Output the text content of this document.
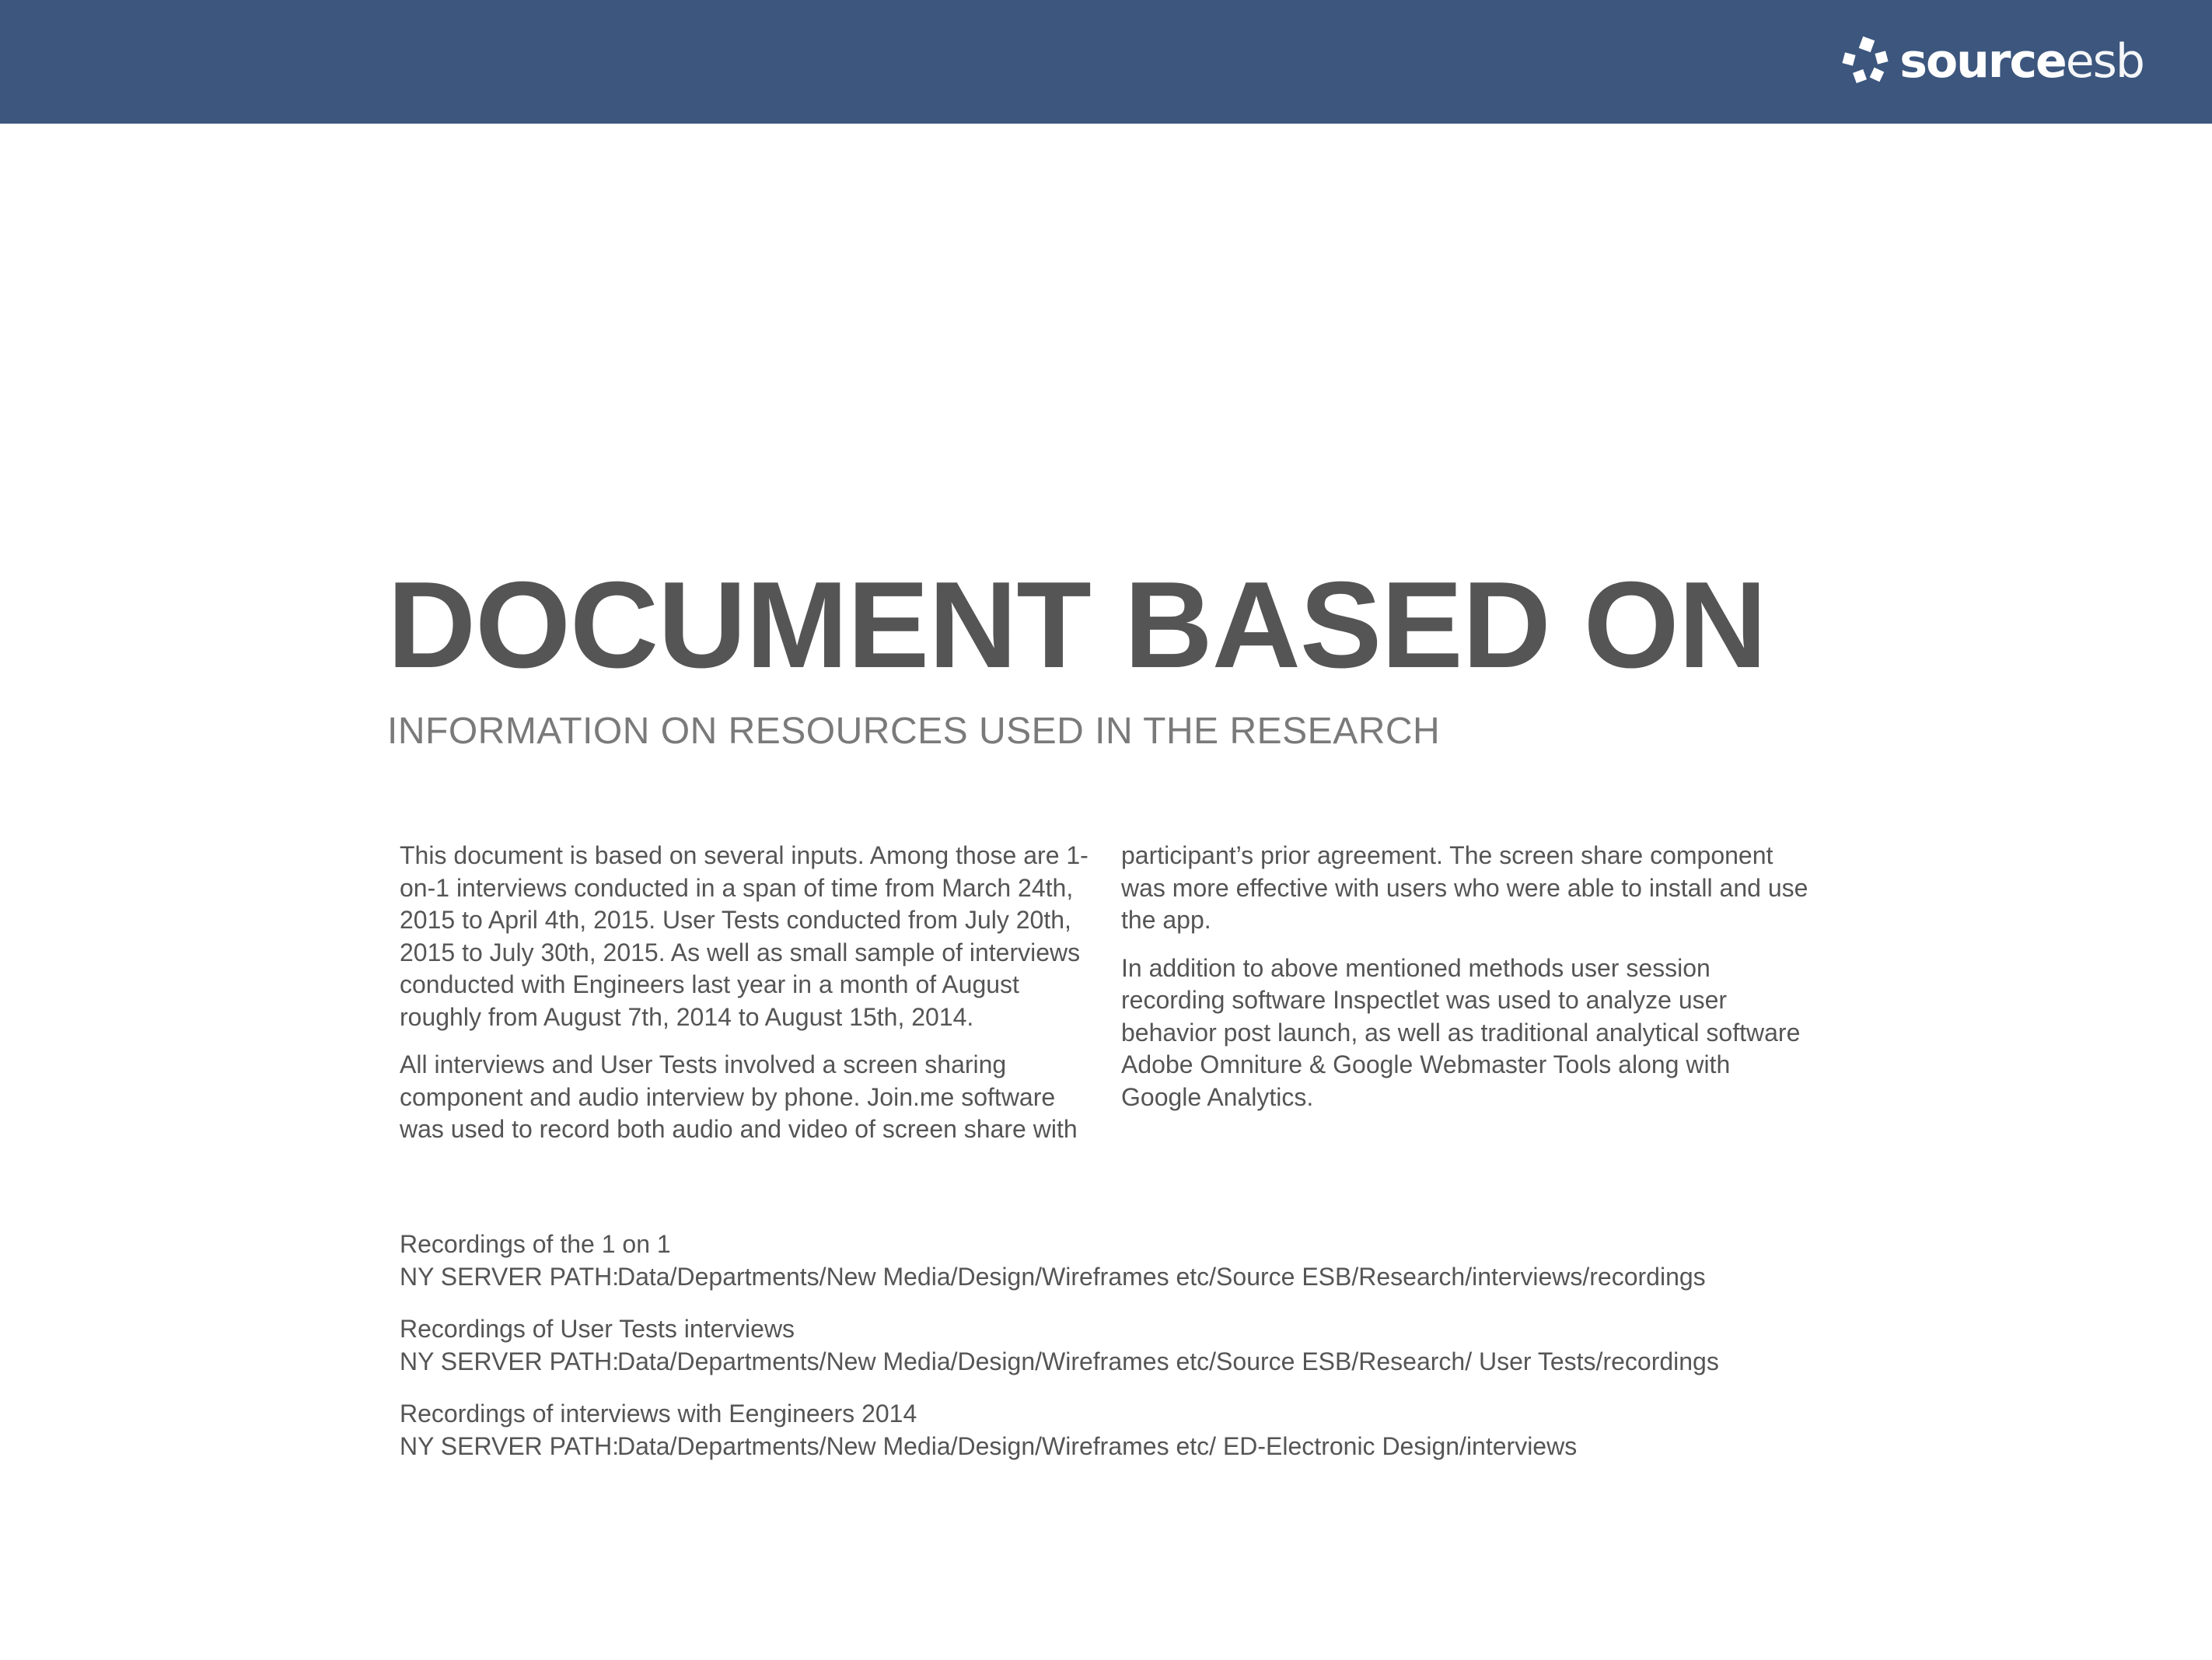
sourceesb
DOCUMENT BASED ON
INFORMATION ON RESOURCES USED IN THE RESEARCH

This document is based on several inputs. Among those are 1-on-1 interviews conducted in a span of time from March 24th, 2015 to April 4th, 2015. User Tests conducted from July 20th, 2015 to July 30th, 2015. As well as small sample of interviews conducted with Engineers last year in a month of August roughly from August 7th, 2014 to August 15th, 2014.

All interviews and User Tests involved a screen sharing component and audio interview by phone. Join.me software was used to record both audio and video of screen share with

participant’s prior agreement. The screen share component was more effective with users who were able to install and use the app.

In addition to above mentioned methods user session recording software Inspectlet was used to analyze user behavior post launch, as well as traditional analytical software Adobe Omniture & Google Webmaster Tools along with Google Analytics.

Recordings of the 1 on 1
NY SERVER PATH:Data/Departments/New Media/Design/Wireframes etc/Source ESB/Research/interviews/recordings
Recordings of User Tests interviews
NY SERVER PATH:Data/Departments/New Media/Design/Wireframes etc/Source ESB/Research/ User Tests/recordings
Recordings of interviews with Eengineers 2014
NY SERVER PATH:Data/Departments/New Media/Design/Wireframes etc/ ED-Electronic Design/interviews
